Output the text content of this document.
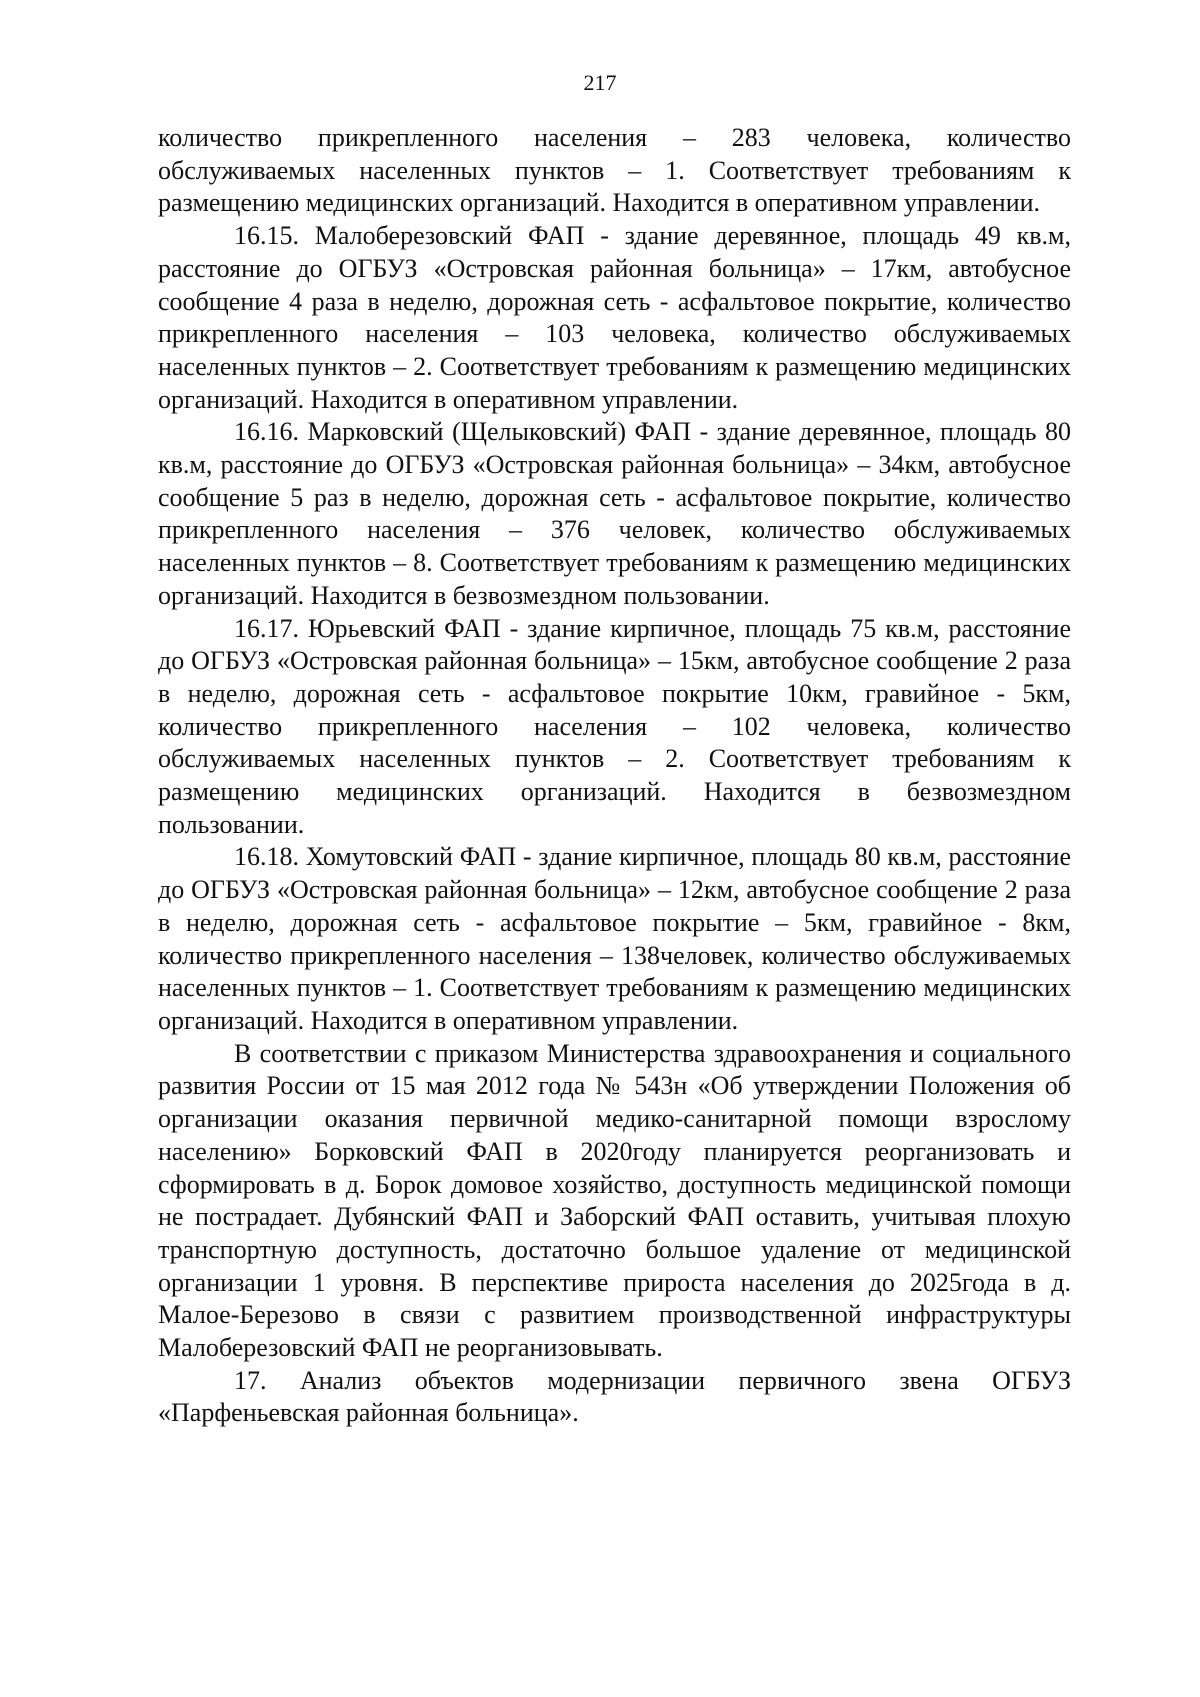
217

количество прикрепленного населения – 283 человека, количество обслуживаемых населенных пунктов – 1. Соответствует требованиям к размещению медицинских организаций. Находится в оперативном управлении.

16.15. Малоберезовский ФАП - здание деревянное, площадь 49 кв.м, расстояние до ОГБУЗ «Островская районная больница» – 17км, автобусное сообщение 4 раза в неделю, дорожная сеть - асфальтовое покрытие, количество прикрепленного населения – 103 человека, количество обслуживаемых населенных пунктов – 2. Соответствует требованиям к размещению медицинских организаций. Находится в оперативном управлении.

16.16. Марковский (Щелыковский) ФАП - здание деревянное, площадь 80 кв.м, расстояние до ОГБУЗ «Островская районная больница» – 34км, автобусное сообщение 5 раз в неделю, дорожная сеть - асфальтовое покрытие, количество прикрепленного населения – 376 человек, количество обслуживаемых населенных пунктов – 8. Соответствует требованиям к размещению медицинских организаций. Находится в безвозмездном пользовании.

16.17. Юрьевский ФАП - здание кирпичное, площадь 75 кв.м, расстояние до ОГБУЗ «Островская районная больница» – 15км, автобусное сообщение 2 раза в неделю, дорожная сеть - асфальтовое покрытие 10км, гравийное - 5км, количество прикрепленного населения – 102 человека, количество обслуживаемых населенных пунктов – 2. Соответствует требованиям к размещению медицинских организаций. Находится в безвозмездном пользовании.

16.18. Хомутовский ФАП - здание кирпичное, площадь 80 кв.м, расстояние до ОГБУЗ «Островская районная больница» – 12км, автобусное сообщение 2 раза в неделю, дорожная сеть - асфальтовое покрытие – 5км, гравийное - 8км, количество прикрепленного населения – 138человек, количество обслуживаемых населенных пунктов – 1. Соответствует требованиям к размещению медицинских организаций. Находится в оперативном управлении.

В соответствии с приказом Министерства здравоохранения и социального развития России от 15 мая 2012 года № 543н «Об утверждении Положения об организации оказания первичной медико-санитарной помощи взрослому населению» Борковский ФАП в 2020году планируется реорганизовать и сформировать в д. Борок домовое хозяйство, доступность медицинской помощи не пострадает. Дубянский ФАП и Заборский ФАП оставить, учитывая плохую транспортную доступность, достаточно большое удаление от медицинской организации 1 уровня. В перспективе прироста населения до 2025года в д. Малое-Березово в связи с развитием производственной инфраструктуры Малоберезовский ФАП не реорганизовывать.

17. Анализ объектов модернизации первичного звена ОГБУЗ «Парфеньевская районная больница».
